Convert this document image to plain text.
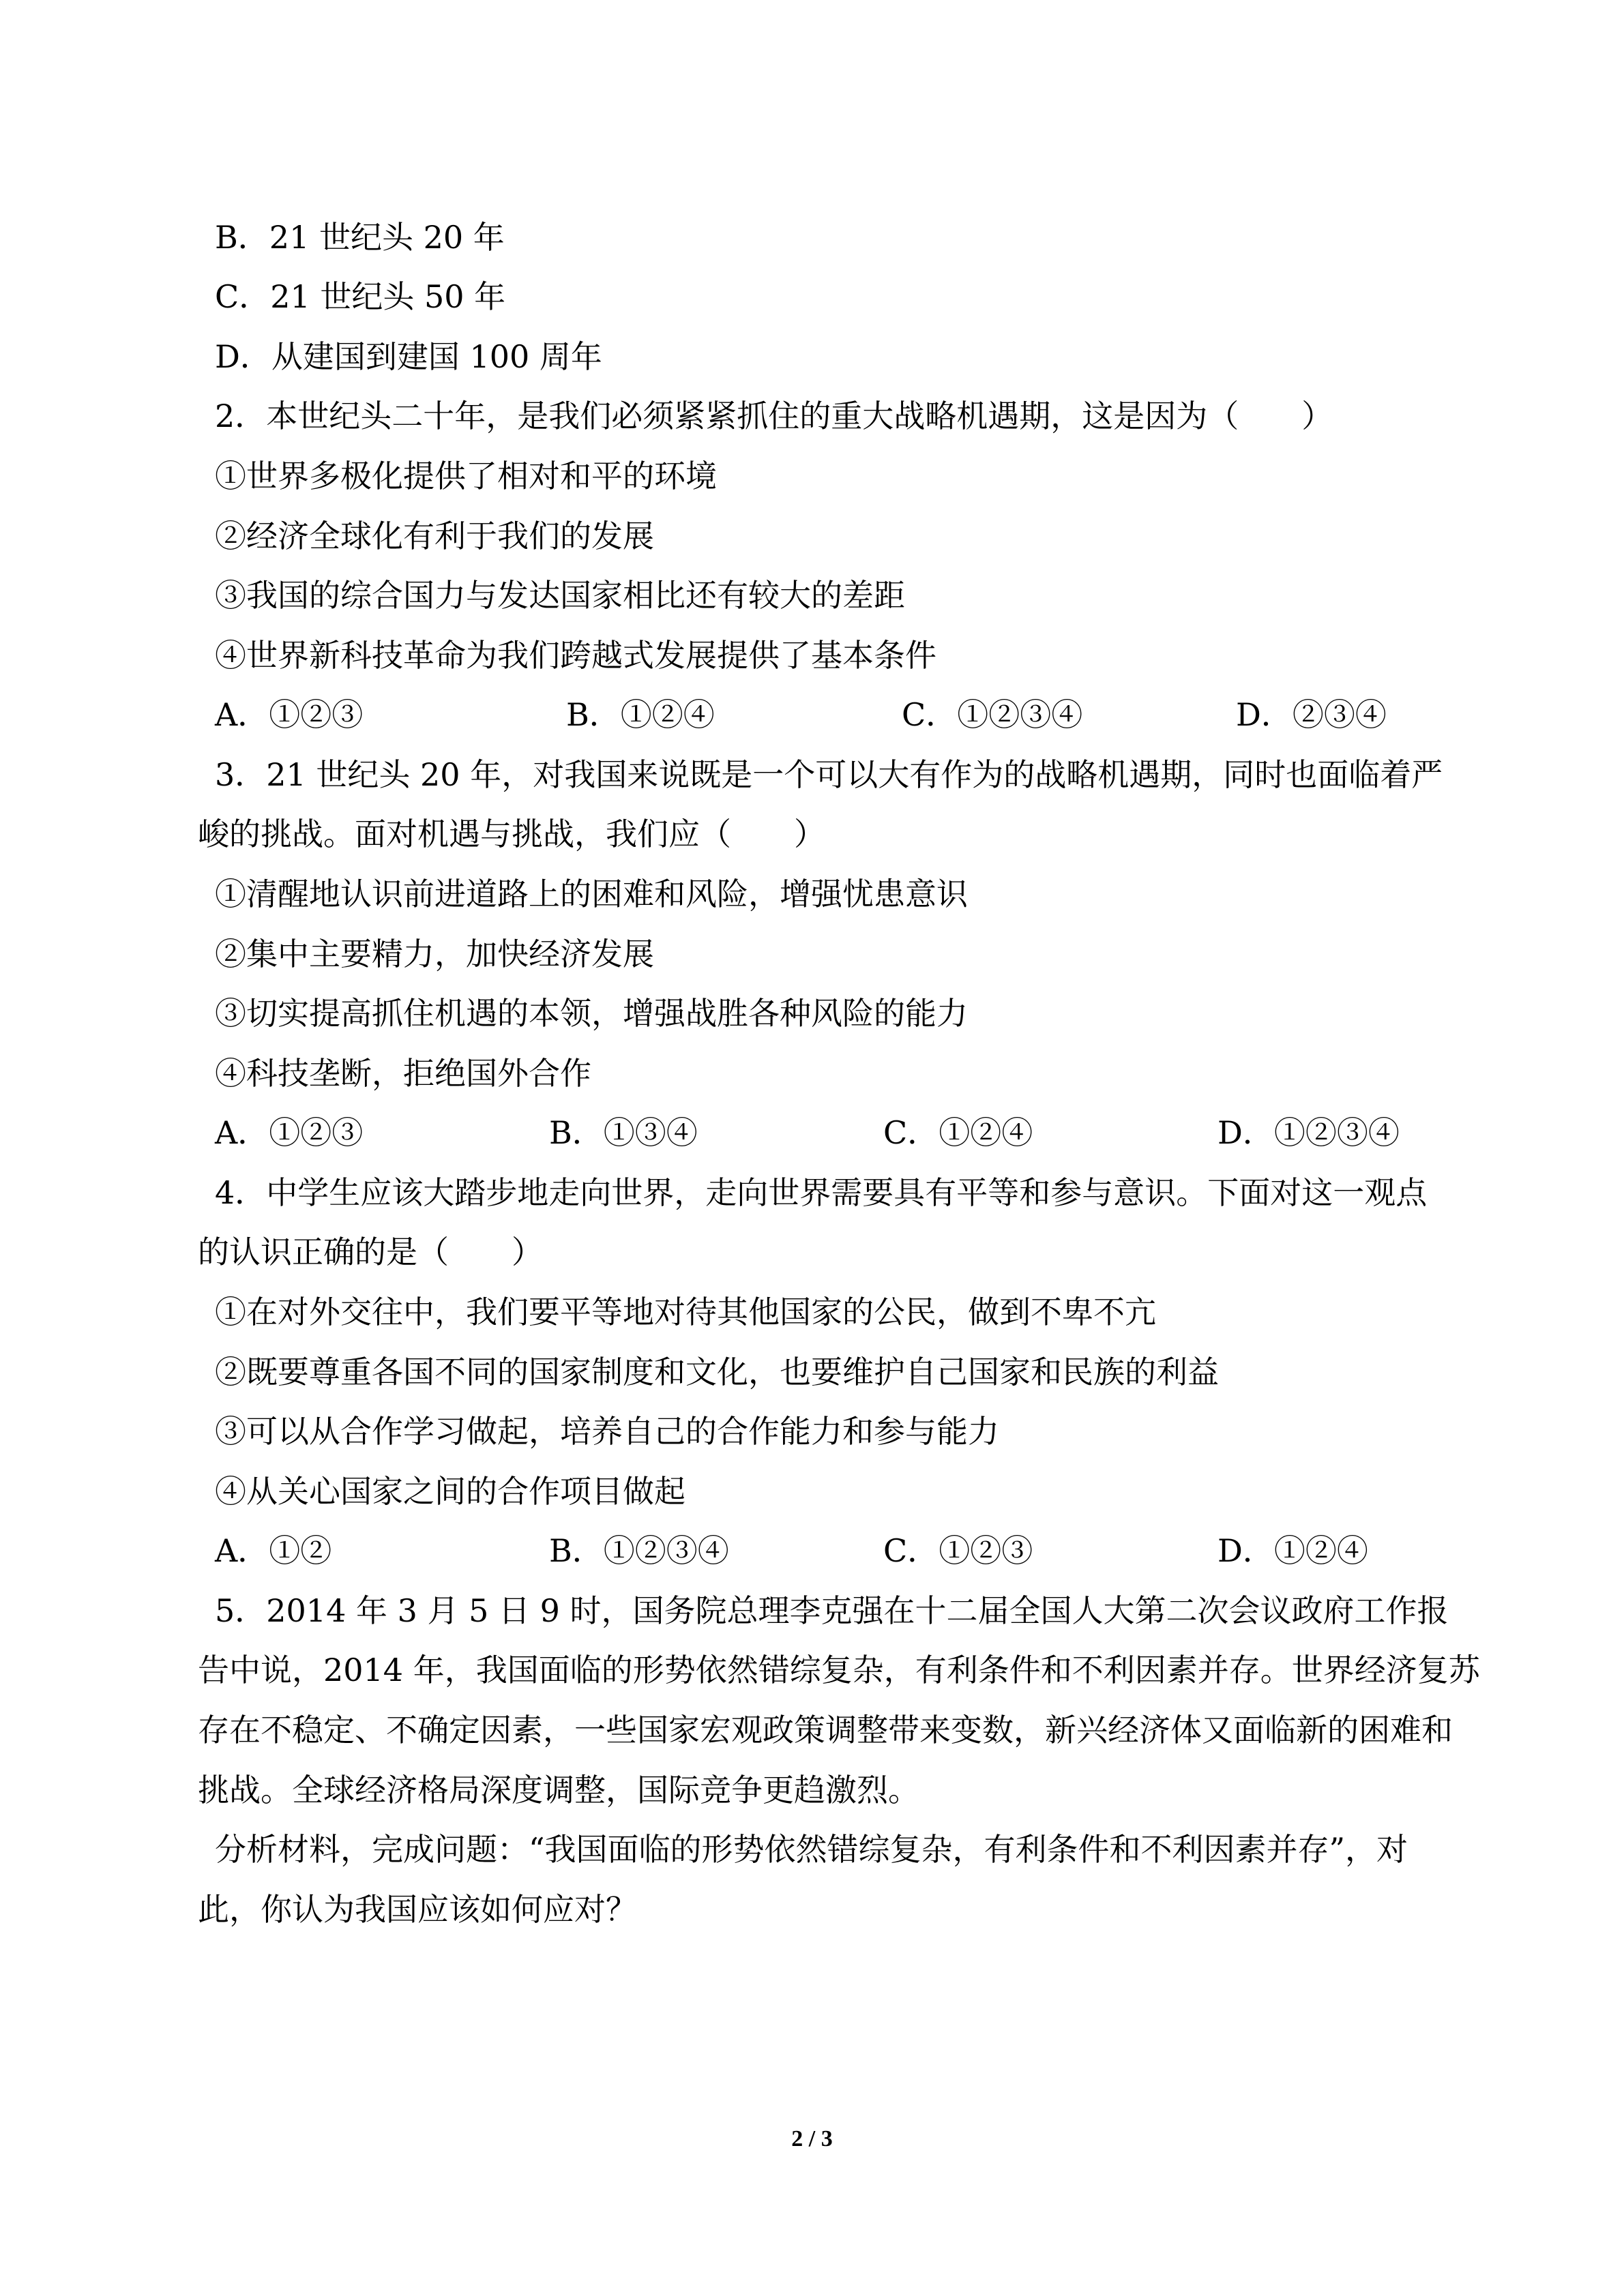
B．21 世纪头 20 年
C．21 世纪头 50 年
D．从建国到建国 100 周年
2．本世纪头二十年，是我们必须紧紧抓住的重大战略机遇期，这是因为（　　）
①世界多极化提供了相对和平的环境
②经济全球化有利于我们的发展
③我国的综合国力与发达国家相比还有较大的差距
④世界新科技革命为我们跨越式发展提供了基本条件
A．①②③	B．①②④	C．①②③④	D．②③④
3．21 世纪头 20 年，对我国来说既是一个可以大有作为的战略机遇期，同时也面临着严
峻的挑战。面对机遇与挑战，我们应（　　）
①清醒地认识前进道路上的困难和风险，增强忧患意识
②集中主要精力，加快经济发展
③切实提高抓住机遇的本领，增强战胜各种风险的能力
④科技垄断，拒绝国外合作
A．①②③	B．①③④	C．①②④	D．①②③④
4．中学生应该大踏步地走向世界，走向世界需要具有平等和参与意识。下面对这一观点
的认识正确的是（　　）
①在对外交往中，我们要平等地对待其他国家的公民，做到不卑不亢
②既要尊重各国不同的国家制度和文化，也要维护自己国家和民族的利益
③可以从合作学习做起，培养自己的合作能力和参与能力
④从关心国家之间的合作项目做起
A．①②	B．①②③④	C．①②③	D．①②④
5．2014 年 3 月 5 日 9 时，国务院总理李克强在十二届全国人大第二次会议政府工作报
告中说，2014 年，我国面临的形势依然错综复杂，有利条件和不利因素并存。世界经济复苏
存在不稳定、不确定因素，一些国家宏观政策调整带来变数，新兴经济体又面临新的困难和
挑战。全球经济格局深度调整，国际竞争更趋激烈。
分析材料，完成问题：“我国面临的形势依然错综复杂，有利条件和不利因素并存”，对
此，你认为我国应该如何应对？
2 / 3
